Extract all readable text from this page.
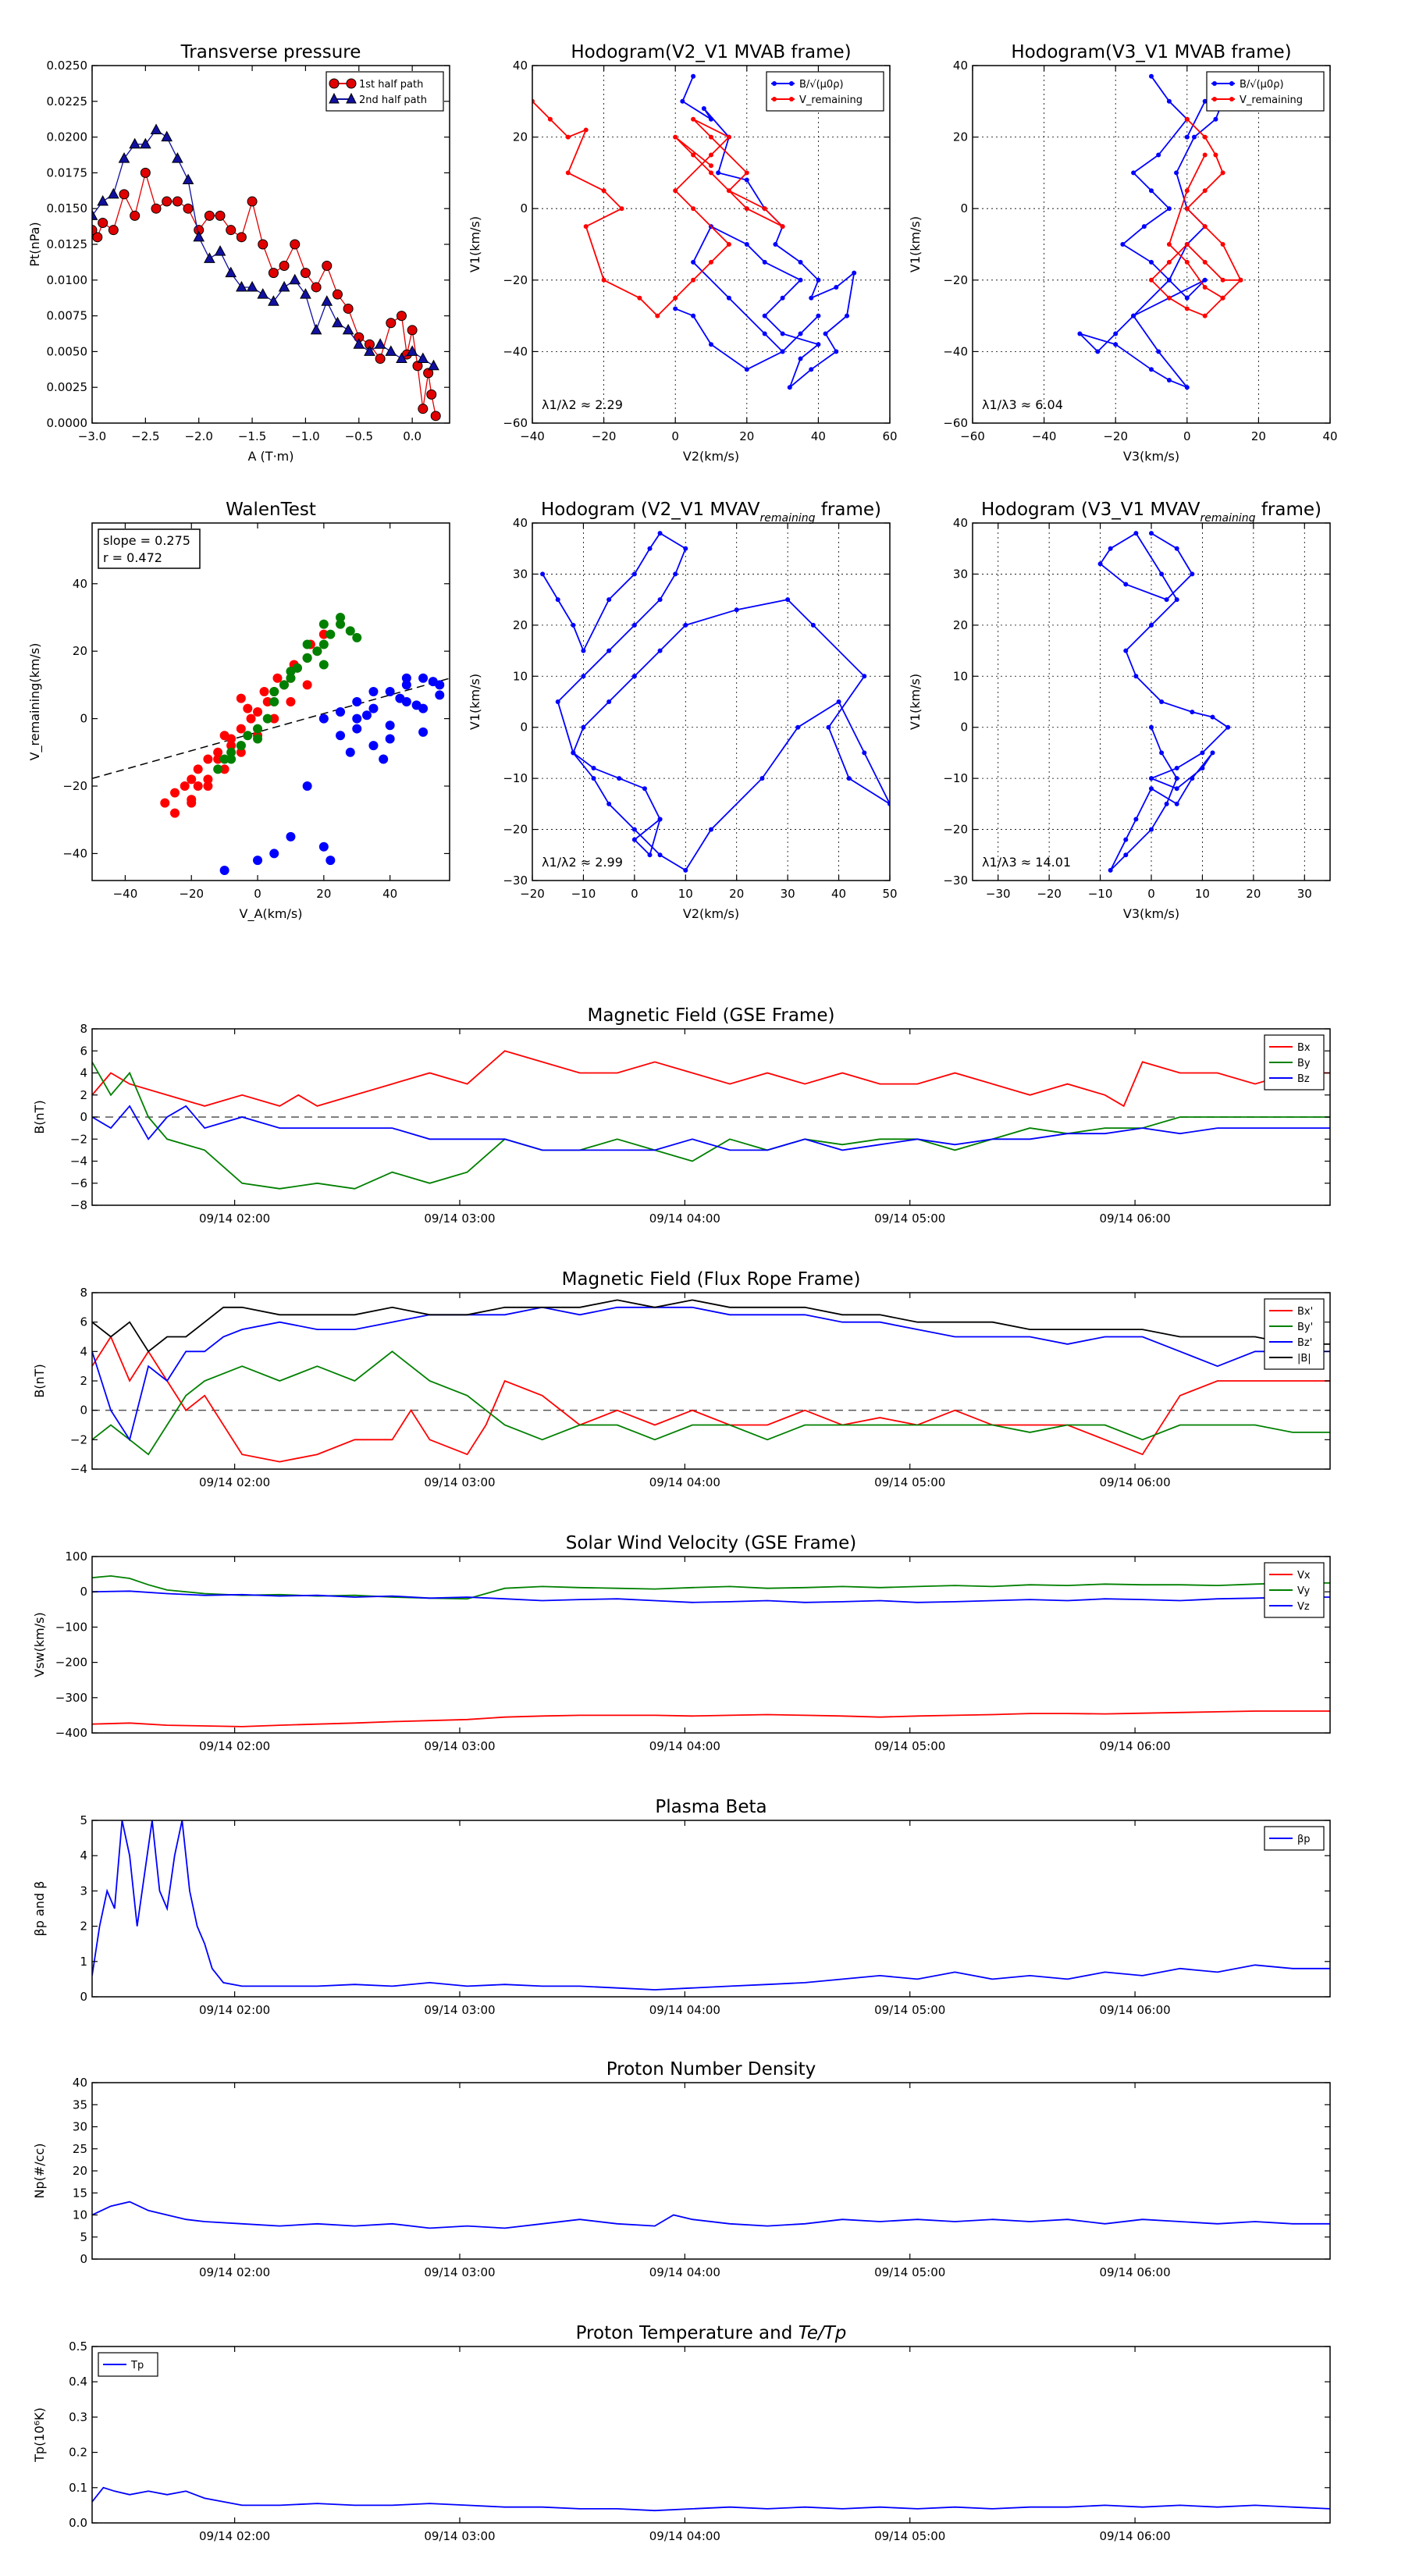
−3.0 −2.5 −2.0 −1.5 −1.0 −0.5	0.0
0.0000
0.0025
0.0050
0.0075
0.0100
0.0125
0.0150
0.0175
0.0200
0.0225
0.0250
Transverse pressure
A (T·m)
Pt(nPa)
1st half path
2nd half path
−40	−20	0	20	40	60
−60
−40
−20
0
20
40
Hodogram(V2_V1 MVAB frame)
V2(km/s)
V1(km/s)
λ1/λ2 ≈ 2.29
B/√(μ0ρ)
V_remaining
−60	−40	−20	0	20	40
−60
−40
−20
0
20
40
Hodogram(V3_V1 MVAB frame)
V3(km/s)
V1(km/s)
λ1/λ3 ≈ 6.04
B/√(μ0ρ)
V_remaining
−40	−20	0	20	40
−40
−20
0
20
40
WalenTest
V_A(km/s)
V_remaining(km/s)
slope = 0.275
r = 0.472
−20 −10	0	10	20	30	40	50
−30
−20
−10
0
10
20
30
40
Hodogram (V2_V1 $MVAV_{remaining}$ frame)
V2(km/s)
V1(km/s)
λ1/λ2 ≈ 2.99
−30 −20 −10	0	10	20	30
−30
−20
−10
0
10
20
30
40
Hodogram (V3_V1 $MVAV_{remaining}$ frame)
V3(km/s)
V1(km/s)
λ1/λ3 ≈ 14.01
09/14 02:00	09/14 03:00	09/14 04:00	09/14 05:00	09/14 06:00
−8
−6
−4
−2
0
2
4
6
8
Magnetic Field (GSE Frame)
B(nT)
Bx
By
Bz
09/14 02:00	09/14 03:00	09/14 04:00	09/14 05:00	09/14 06:00
−4
−2
0
2
4
6
8
Magnetic Field (Flux Rope Frame)
B(nT)
Bx'
By'
Bz'
|B|
09/14 02:00	09/14 03:00	09/14 04:00	09/14 05:00	09/14 06:00
−400
−300
−200
−100
0
100
Solar Wind Velocity (GSE Frame)
Vsw(km/s)
Vx
Vy
Vz
09/14 02:00	09/14 03:00	09/14 04:00	09/14 05:00	09/14 06:00
0
1
2
3
4
5
Plasma Beta
βp and β
βp
09/14 02:00	09/14 03:00	09/14 04:00	09/14 05:00	09/14 06:00
0
5
10
15
20
25
30
35
40
Proton Number Density
Np(#/cc)
09/14 02:00	09/14 03:00	09/14 04:00	09/14 05:00	09/14 06:00
0.0
0.1
0.2
0.3
0.4
0.5
Proton Temperature and Te/Tp
Tp(10⁶K)
Tp
